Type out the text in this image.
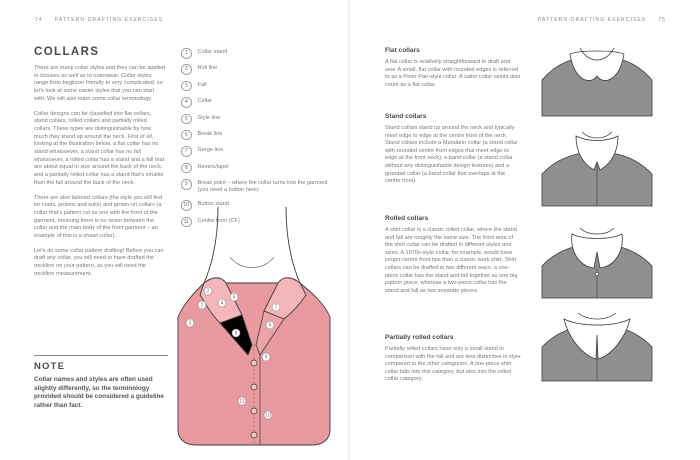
74 PATTERN-DRAFTING EXERCISES
COLLARS

There are many collar styles and they can be applied to blouses as well as to outerwear. Collar styles range from beginner friendly to very complicated, so let's look at some easier styles that you can start with. We will also learn some collar terminology.

Collar designs can be classified into flat collars, stand collars, rolled collars and partially rolled collars. These types are distinguishable by how much they stand up around the neck. First of all, looking at the illustration below, a flat collar has no stand whatsoever, a stand collar has no fall whatsoever, a rolled collar has a stand and a fall that are about equal in size around the back of the neck, and a partially rolled collar has a stand that's smaller than the fall around the back of the neck.

There are also tailored collars (the style you will find on coats, jackets and suits) and grown-on collars (a collar that's pattern cut as one with the front of the garment, meaning there is no seam between the collar and the main body of the front garment – an example of this is a shawl collar).

Let's do some collar pattern drafting! Before you can draft any collar, you will need to have drafted the neckline on your pattern, as you will need the neckline measurement.

NOTE

Collar names and styles are often used slightly differently, so the terminology provided should be considered a guideline rather than fact.

1	Collar stand
2	Roll line
3	Fall
4	Collar
5	Style line
6	Break line
7	Gorge line
8	Revers/lapel
9	Break point – where the collar turns into the garment (you need a button here)
10	Button stand
11	Centre front (CF)
1
2
3
4
5
6
7
8
9
10
11
PATTERN-DRAFTING EXERCISES 75
Flat collars

A flat collar is relatively straightforward to draft and sew. A small, flat collar with rounded edges is referred to as a Peter Pan-style collar. A sailor collar would also count as a flat collar.

Stand collars

Stand collars stand up around the neck and typically meet edge to edge at the centre front of the neck. Stand collars include a Mandarin collar (a stand collar with rounded centre front edges that meet edge to edge at the front neck), a band collar (a stand collar without any distinguishable design features) and a grandad collar (a band collar that overlaps at the centre front).

Rolled collars

A shirt collar is a classic rolled collar, where the stand and fall are roughly the same size. The front area of the shirt collar can be drafted in different styles and sizes. A 1970s-style collar, for example, would have longer centre front tips than a classic work shirt. Shirt collars can be drafted in two different ways: a one-piece collar has the stand and fall together as one big pattern piece, whereas a two-piece collar has the stand and fall as two separate pieces.

Partially rolled collars

Partially rolled collars have only a small stand in comparison with the fall and are less distinctive in style compared to the other categories. A one-piece shirt collar falls into this category, but also into the rolled collar category.
